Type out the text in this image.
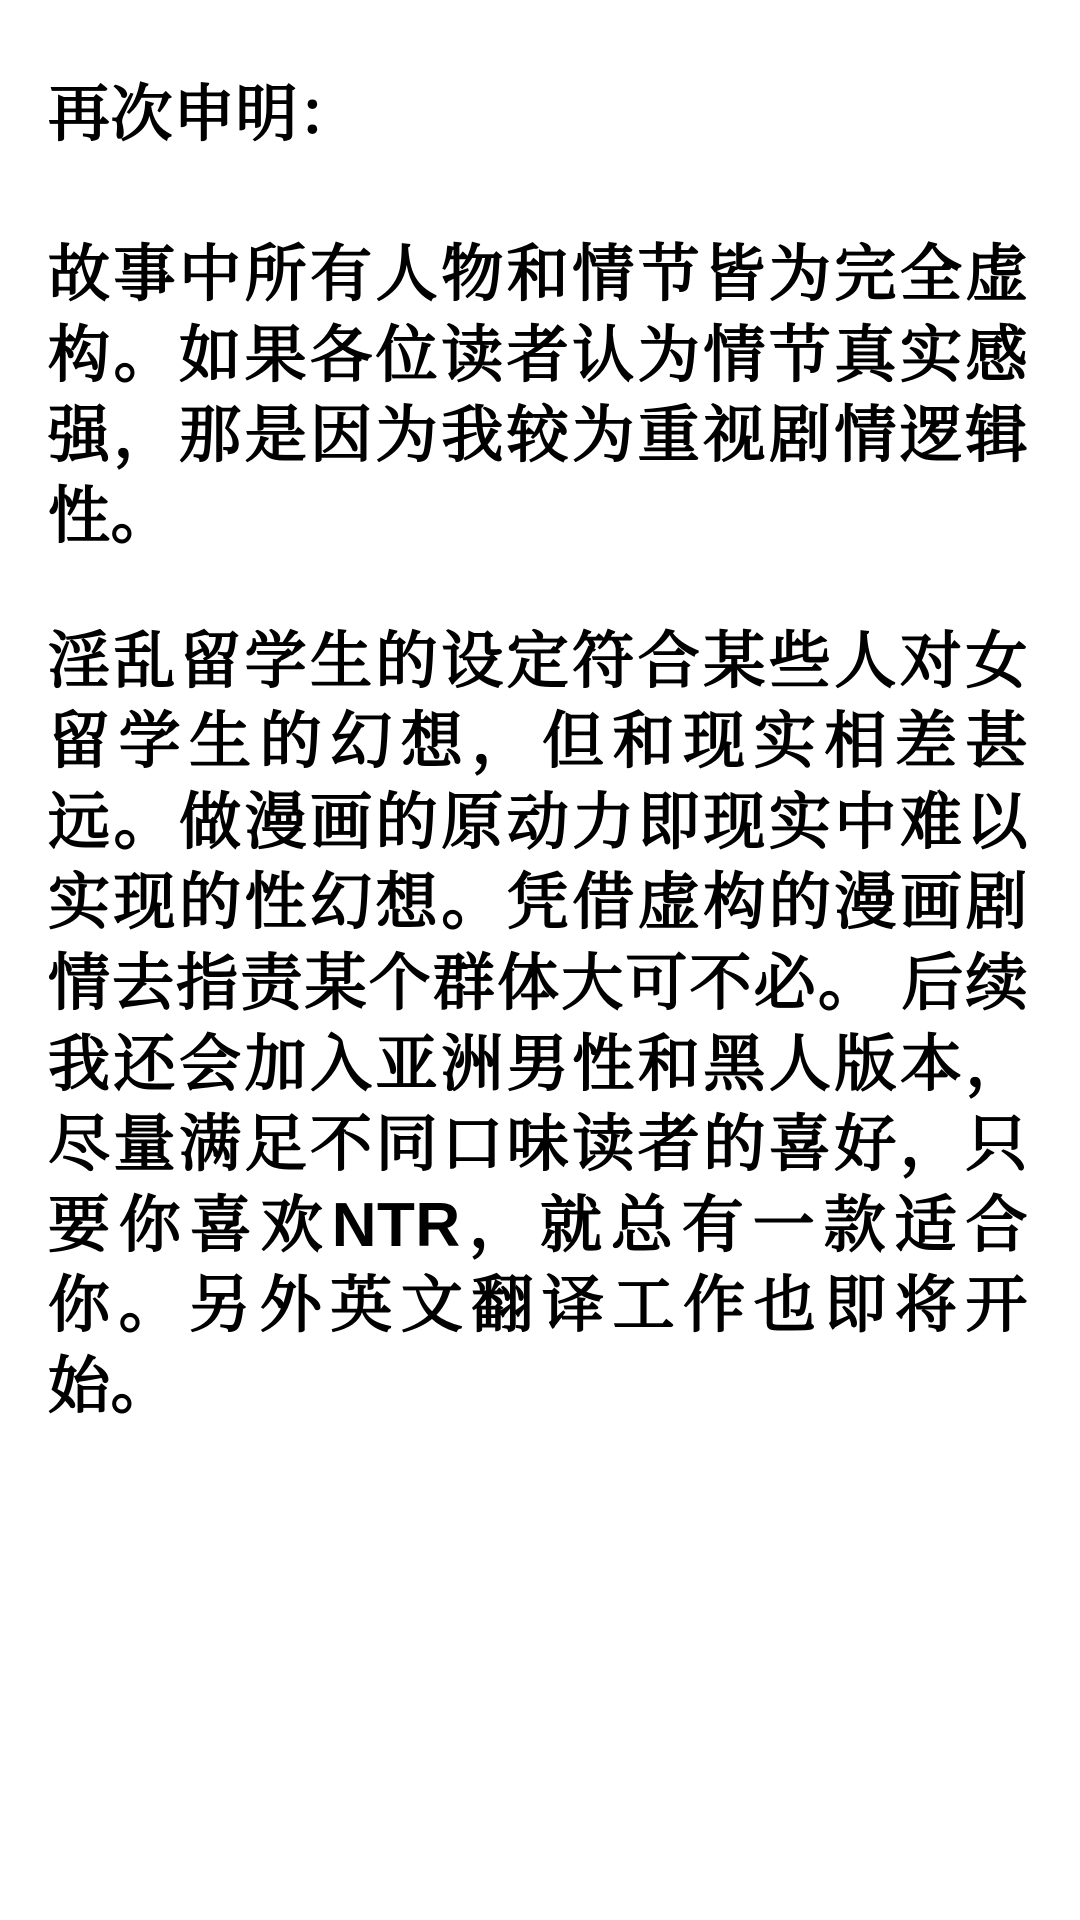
再次申明：

故事中所有人物和情节皆为完全虚构。如果各位读者认为情节真实感强，那是因为我较为重视剧情逻辑性。

淫乱留学生的设定符合某些人对女留学生的幻想，但和现实相差甚远。做漫画的原动力即现实中难以实现的性幻想。凭借虚构的漫画剧情去指责某个群体大可不必。 后续我还会加入亚洲男性和黑人版本，尽量满足不同口味读者的喜好，只要你喜欢NTR，就总有一款适合你。另外英文翻译工作也即将开始。
